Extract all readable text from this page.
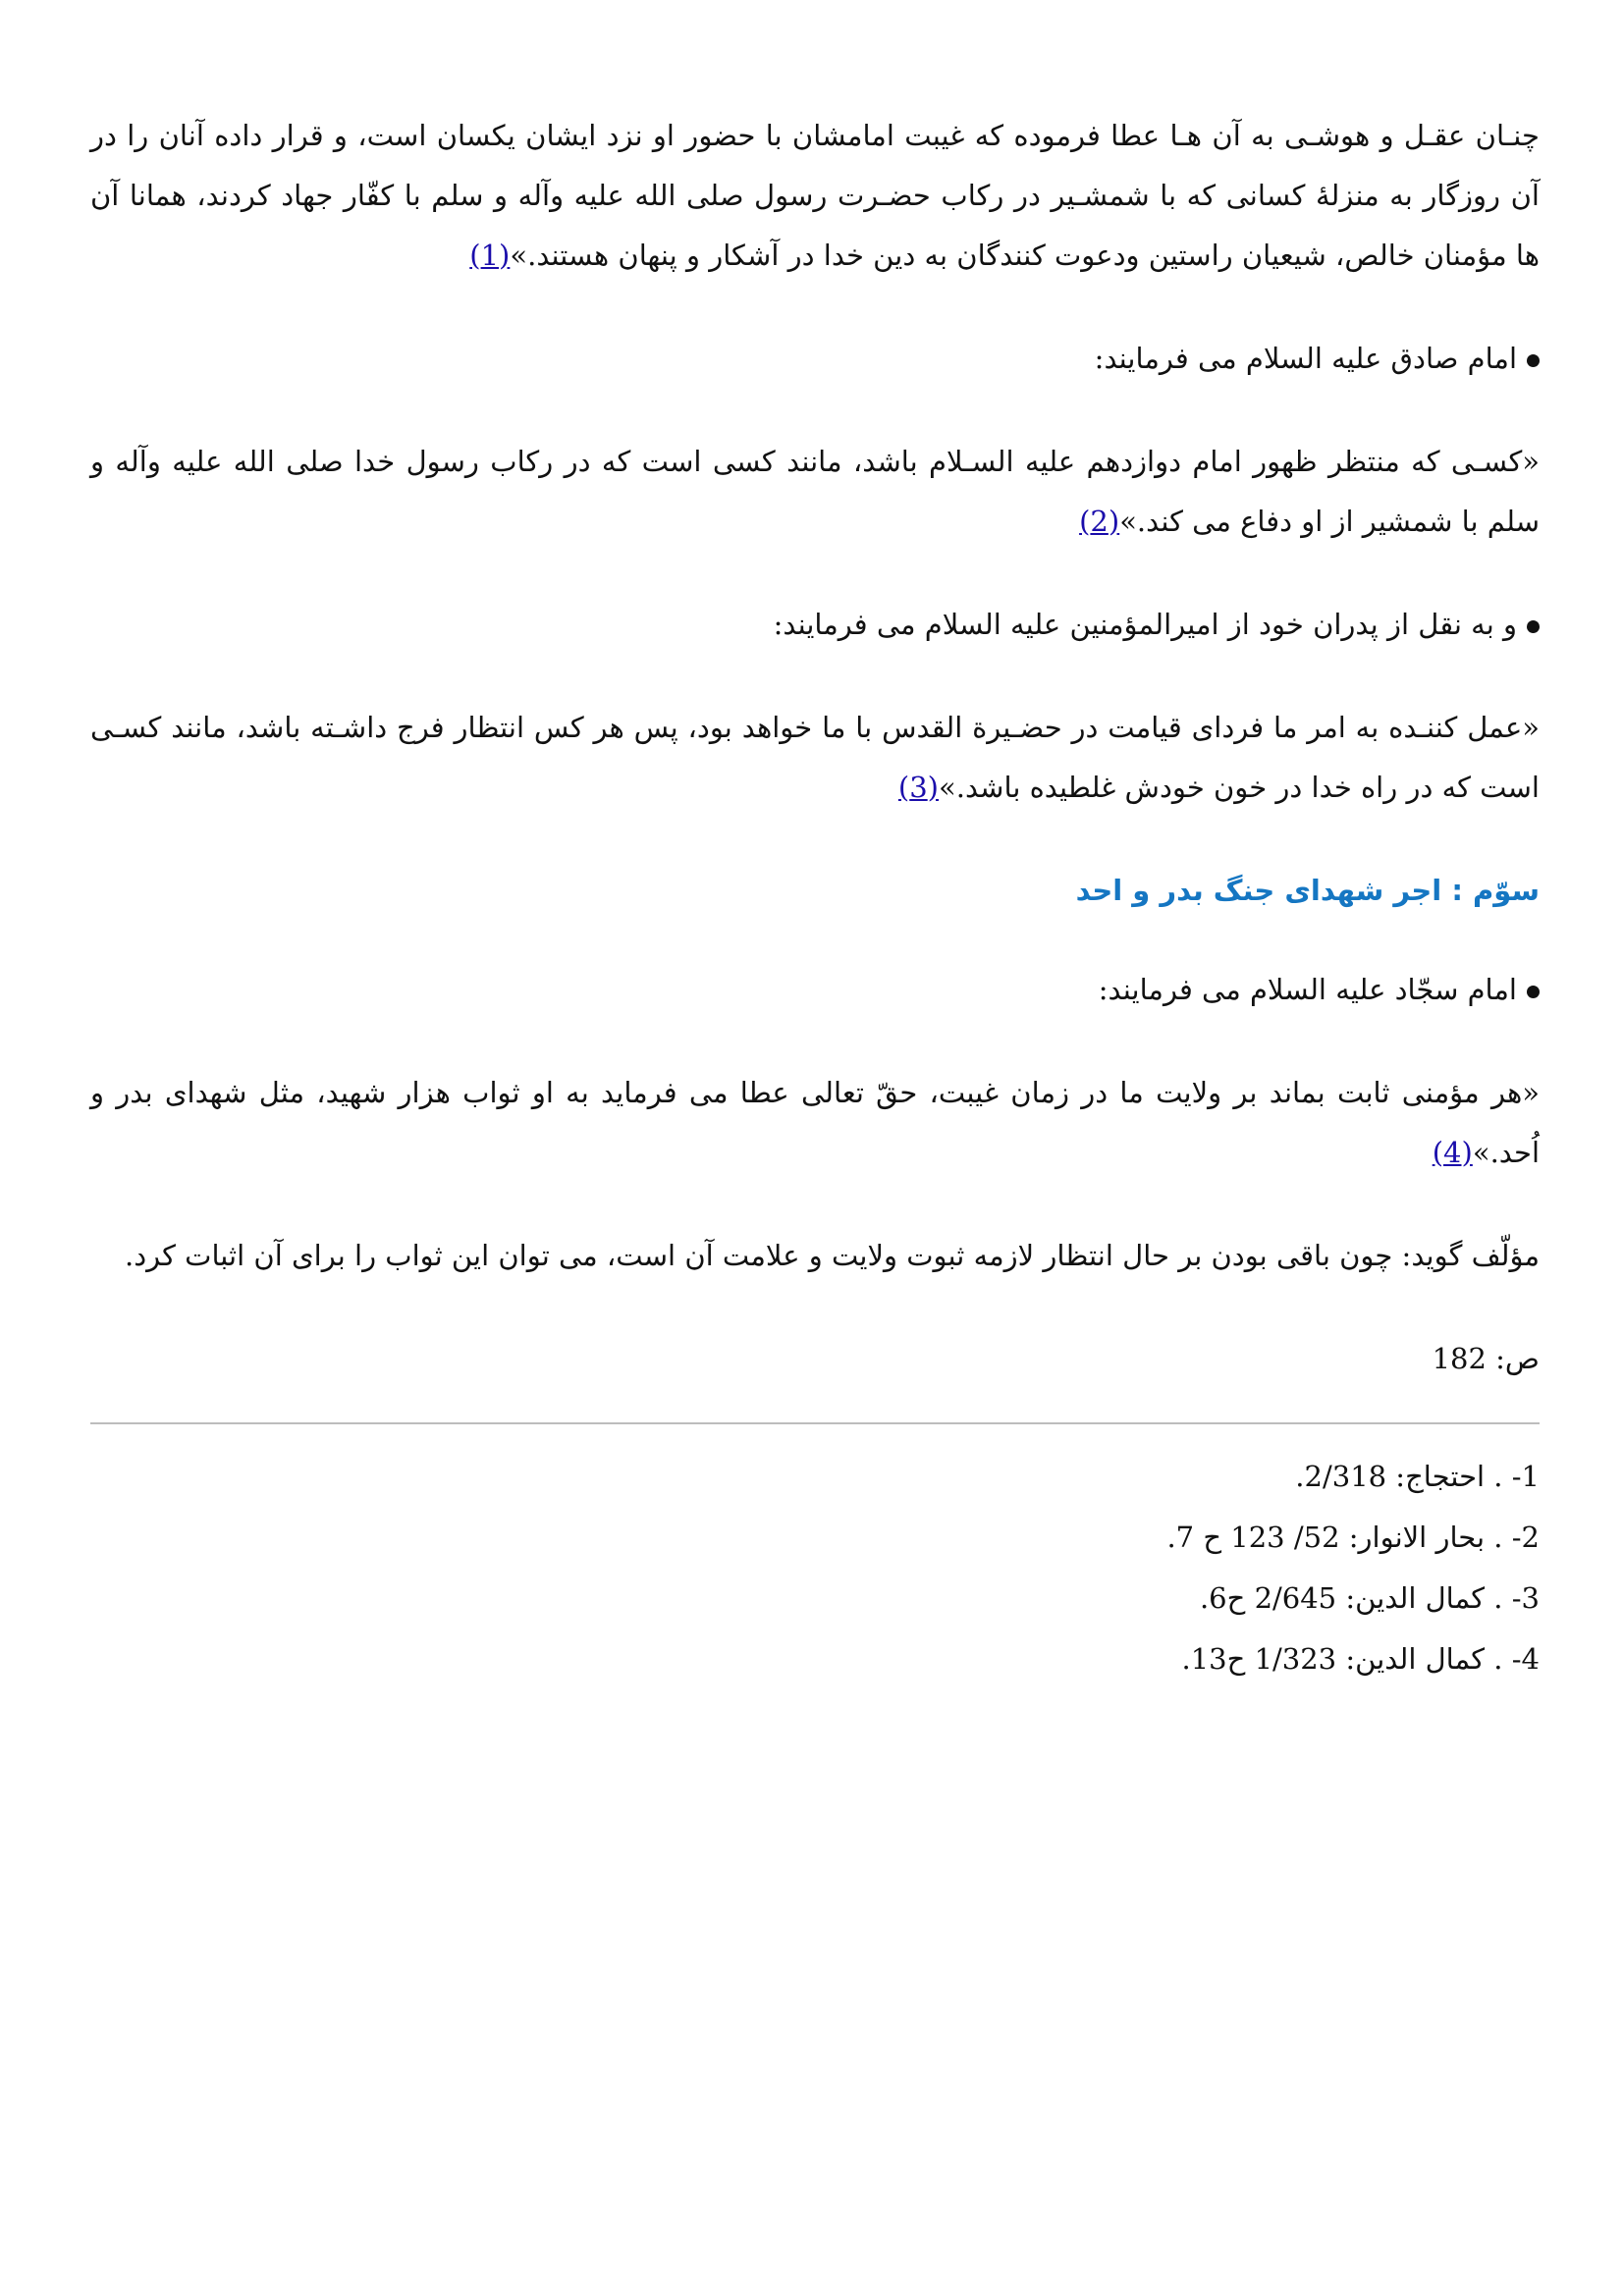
چنـان عقـل و هوشـی به آن هـا عطا فرموده که غیبت امامشان با حضور او نزد ایشان یکسان است، و قرار داده آنان را در آن روزگار به منزلۀ کسانی که با شمشـیر در رکاب حضـرت رسول صلی الله علیه وآله و سلم با کفّار جهاد کردند، همانا آن ها مؤمنان خالص، شیعیان راستین ودعوت کنندگان به دین خدا در آشکار و پنهان هستند.»(1)

امام صادق علیه السلام می فرمایند:

«کسـی که منتظر ظهور امام دوازدهم علیه السـلام باشد، مانند کسی است که در رکاب رسول خدا صلی الله علیه وآله و سلم با شمشیر از او دفاع می کند.»(2)

و به نقل از پدران خود از امیرالمؤمنین علیه السلام می فرمایند:

«عمل کننـده به امر ما فردای قیامت در حضـیرة القدس با ما خواهد بود، پس هر کس انتظار فرج داشـته باشد، مانند کسـی است که در راه خدا در خون خودش غلطیده باشد.»(3)

سوّم : اجر شهدای جنگ بدر و احد

امام سجّاد علیه السلام می فرمایند:

«هر مؤمنی ثابت بماند بر ولایت ما در زمان غیبت، حقّ تعالی عطا می فرماید به او ثواب هزار شهید، مثل شهدای بدر و اُحد.»(4)

مؤلّف گوید: چون باقی بودن بر حال انتظار لازمه ثبوت ولایت و علامت آن است، می توان این ثواب را برای آن اثبات کرد.

ص: 182

1- . احتجاج: 2/318.

2- . بحار الانوار: 52/ 123 ح 7.

3- . کمال الدین: 2/645 ح6.

4- . کمال الدین: 1/323 ح13.
